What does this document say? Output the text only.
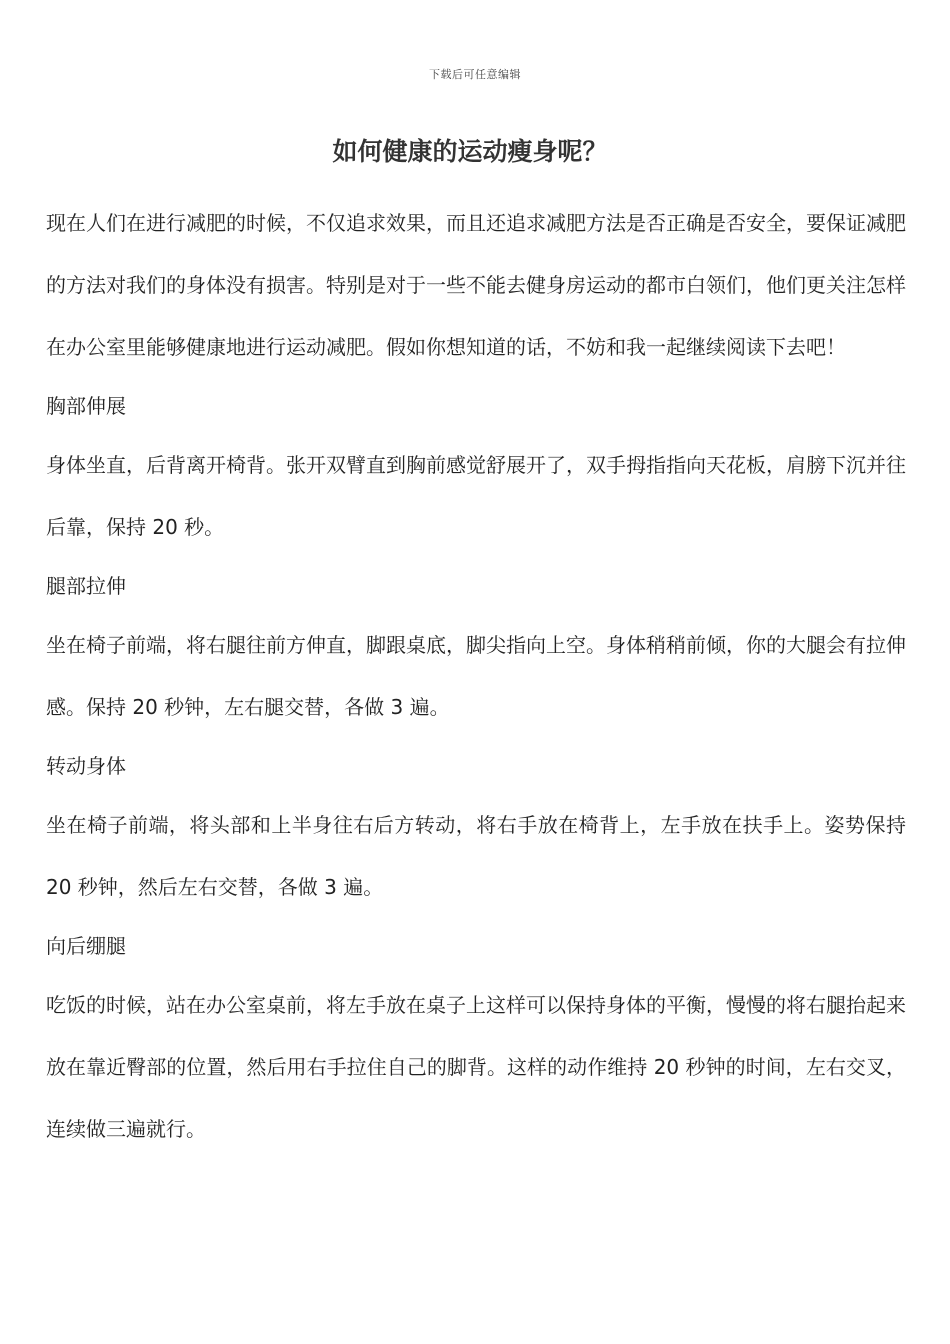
下载后可任意编辑
如何健康的运动瘦身呢？

现在人们在进行减肥的时候，不仅追求效果，而且还追求减肥方法是否正确是否安全，要保证减肥的方法对我们的身体没有损害。特别是对于一些不能去健身房运动的都市白领们，他们更关注怎样在办公室里能够健康地进行运动减肥。假如你想知道的话，不妨和我一起继续阅读下去吧！

胸部伸展

身体坐直，后背离开椅背。张开双臂直到胸前感觉舒展开了，双手拇指指向天花板，肩膀下沉并往后靠，保持 20 秒。

腿部拉伸

坐在椅子前端，将右腿往前方伸直，脚跟桌底，脚尖指向上空。身体稍稍前倾，你的大腿会有拉伸感。保持 20 秒钟，左右腿交替，各做 3 遍。

转动身体

坐在椅子前端，将头部和上半身往右后方转动，将右手放在椅背上，左手放在扶手上。姿势保持 20 秒钟，然后左右交替，各做 3 遍。

向后绷腿

吃饭的时候，站在办公室桌前，将左手放在桌子上这样可以保持身体的平衡，慢慢的将右腿抬起来放在靠近臀部的位置，然后用右手拉住自己的脚背。这样的动作维持 20 秒钟的时间，左右交叉，连续做三遍就行。
